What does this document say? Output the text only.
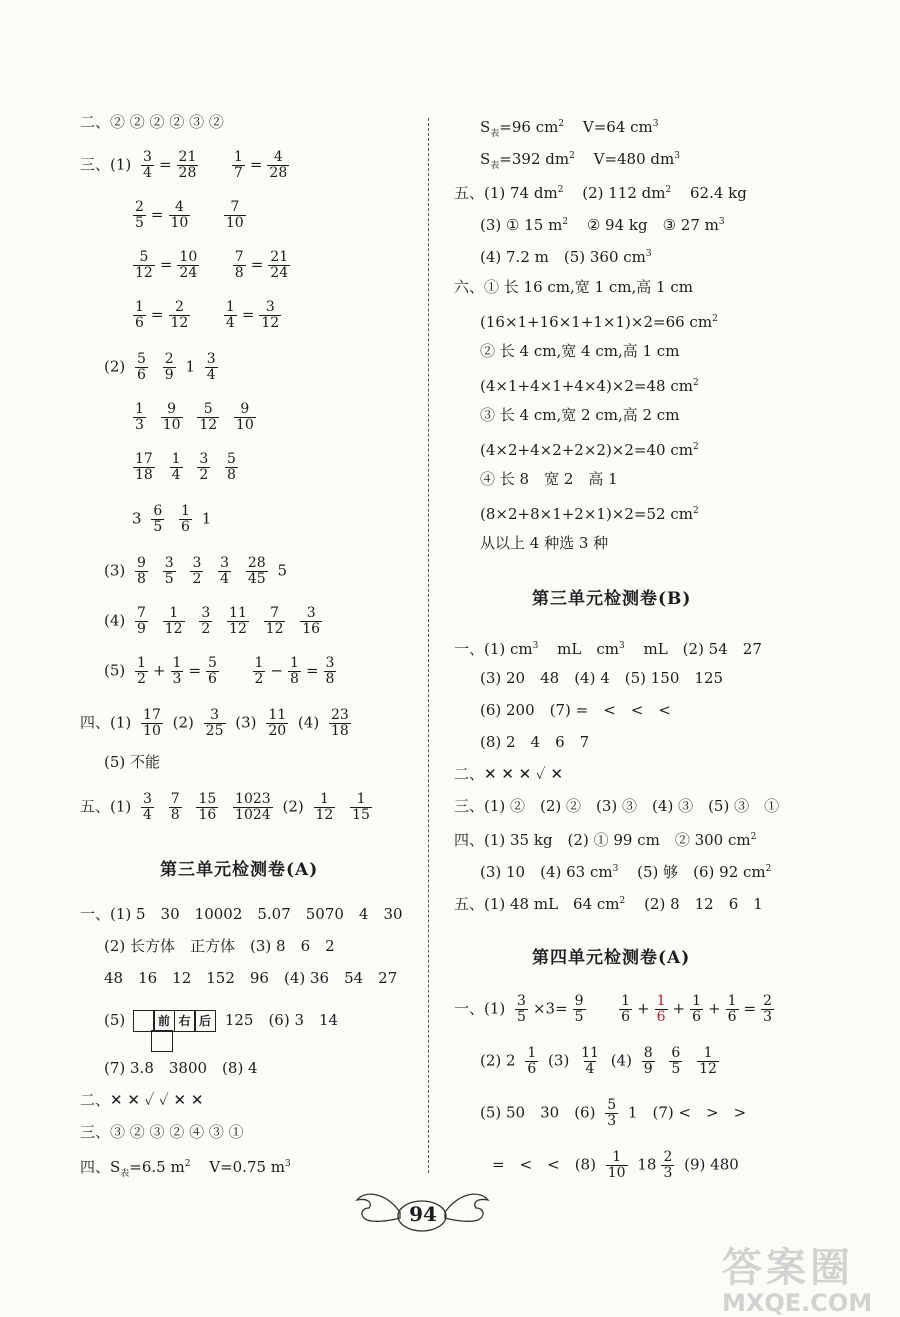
二、② ② ② ② ③ ②
三、$(1) \frac{3}{4} = \frac{21}{28}$
$\frac{1}{7} = \frac{4}{28}$
$\frac{2}{5} = \frac{4}{10}$
$\frac{7}{10}$
$\frac{5}{12} = \frac{10}{24}$
$\frac{7}{8} = \frac{21}{24}$
$\frac{1}{6} = \frac{2}{12}$
$\frac{1}{4} = \frac{3}{12}$
$(2) \frac{5}{6}$
$\frac{2}{9} 1 \frac{3}{4}$
$\frac{1}{3}$
$\frac{9}{10}$
$\frac{5}{12}$
$\frac{9}{10}$
$\frac{17}{18}$
$\frac{1}{4}$
$\frac{3}{2}$
$\frac{5}{8}$
$3 \frac{6}{5}$
$\frac{1}{6} 1$
$(3) \frac{9}{8}$
$\frac{3}{5}$
$\frac{3}{2}$
$\frac{3}{4}$
$\frac{28}{45} 5$
$(4) \frac{7}{9}$
$\frac{1}{12}$
$\frac{3}{2}$
$\frac{11}{12}$
$\frac{7}{12}$
$\frac{3}{16}$
$(5) \frac{1}{2} + \frac{1}{3} = \frac{5}{6}$
$\frac{1}{2} - \frac{1}{8} = \frac{3}{8}$
四、$(1) \frac{17}{10} (2) \frac{3}{25} (3) \frac{11}{20} (4) \frac{23}{18}$
(5) 不能
五、$(1) \frac{3}{4}$
$\frac{7}{8}$
$\frac{15}{16}$
$\frac{1023}{1024} (2) \frac{1}{12}$
$\frac{1}{15}$
第三单元检测卷(A)
一、(1) 5　30　10002　5.07　5070　4　30
(2) 长方体　正方体　(3) 8　6　2
48　16　12　152　96　(4) 36　54　27
(5)	前 右 后 125　(6) 3　14
(7) 3.8　3800　(8) 4
二、✕ ✕ ✓ ✓ ✕ ✕
三、③ ② ③ ② ④ ③ ①
四、$S_表=6.5$ $m^2$ V=0.75 $m^3$
$S_表=96$ $cm^2$ V=64 $cm^3$
$S_表=392$ $dm^2$ V=480 $dm^3$
五、(1) 74 $dm^2$ (2) 112 $dm^2$ 62.4 kg
(3) ① 15 $m^2$ ② 94 kg　③ 27 $m^3$
(4) 7.2 m　(5) 360 $cm^3$
六、① 长 16 cm,宽 1 cm,高 1 cm
(16×1+16×1+1×1)×2=66 $cm^2$
② 长 4 cm,宽 4 cm,高 1 cm
(4×1+4×1+4×4)×2=48 $cm^2$
③ 长 4 cm,宽 2 cm,高 2 cm
(4×2+4×2+2×2)×2=40 $cm^2$
④ 长 8　宽 2　高 1
(8×2+8×1+2×1)×2=52 $cm^2$
从以上 4 种选 3 种
第三单元检测卷(B)
一、(1) $cm^3$ mL　$cm^3$ mL　(2) 54　27
(3) 20　48　(4) 4　(5) 150　125
(6) 200　(7) =　<　<　<
(8) 2　4　6　7
二、✕ ✕ ✕ ✓ ✕
三、(1) ②　(2) ②　(3) ③　(4) ③　(5) ③　①
四、(1) 35 kg　(2) ① 99 cm　② 300 $cm^2$
(3) 10　(4) 63 $cm^3$ (5) 够　(6) 92 $cm^2$
五、(1) 48 mL　64 $cm^2$ (2) 8　12　6　1
第四单元检测卷(A)
一、$(1) \frac{3}{5} \times 3= \frac{9}{5}$
$\frac{1}{6} + \frac{1}{6} + \frac{1}{6} + \frac{1}{6} = \frac{2}{3}$
(2) $2 \frac{1}{6} (3) \frac{11}{4} (4) \frac{8}{9}$
$\frac{6}{5}$
$\frac{1}{12}$
(5) 50　30　$(6) \frac{5}{3} 1$　(7) <　>　>
=　<　<　$(8) \frac{1}{10} 18 \frac{2}{3} (9)$ 480
94
答案圈
MXQE.COM
